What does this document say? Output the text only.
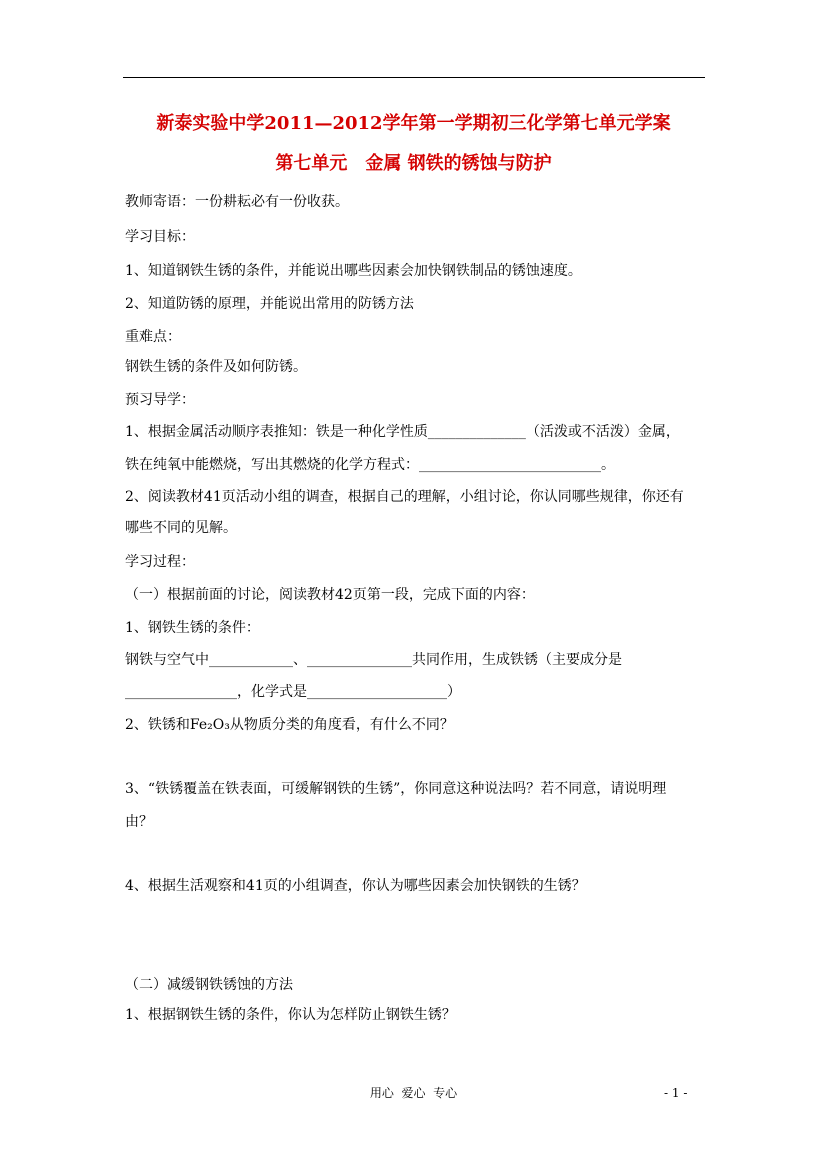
新泰实验中学2011—2012学年第一学期初三化学第七单元学案
第七单元　金属 钢铁的锈蚀与防护
教师寄语：一份耕耘必有一份收获。
学习目标：
1、知道钢铁生锈的条件，并能说出哪些因素会加快钢铁制品的锈蚀速度。
2、知道防锈的原理，并能说出常用的防锈方法
重难点：
钢铁生锈的条件及如何防锈。
预习导学：
1、根据金属活动顺序表推知：铁是一种化学性质______________（活泼或不活泼）金属，
铁在纯氧中能燃烧，写出其燃烧的化学方程式：__________________________。
2、阅读教材41页活动小组的调查，根据自己的理解，小组讨论，你认同哪些规律，你还有
哪些不同的见解。
学习过程：
（一）根据前面的讨论，阅读教材42页第一段，完成下面的内容：
1、钢铁生锈的条件：
钢铁与空气中____________、_______________共同作用，生成铁锈（主要成分是
________________，化学式是____________________）
2、铁锈和Fe₂O₃从物质分类的角度看，有什么不同？
3、“铁锈覆盖在铁表面，可缓解钢铁的生锈”，你同意这种说法吗？若不同意，请说明理
由？
4、根据生活观察和41页的小组调查，你认为哪些因素会加快钢铁的生锈？
（二）减缓钢铁锈蚀的方法
1、根据钢铁生锈的条件，你认为怎样防止钢铁生锈？
用心  爱心  专心	- 1 -
